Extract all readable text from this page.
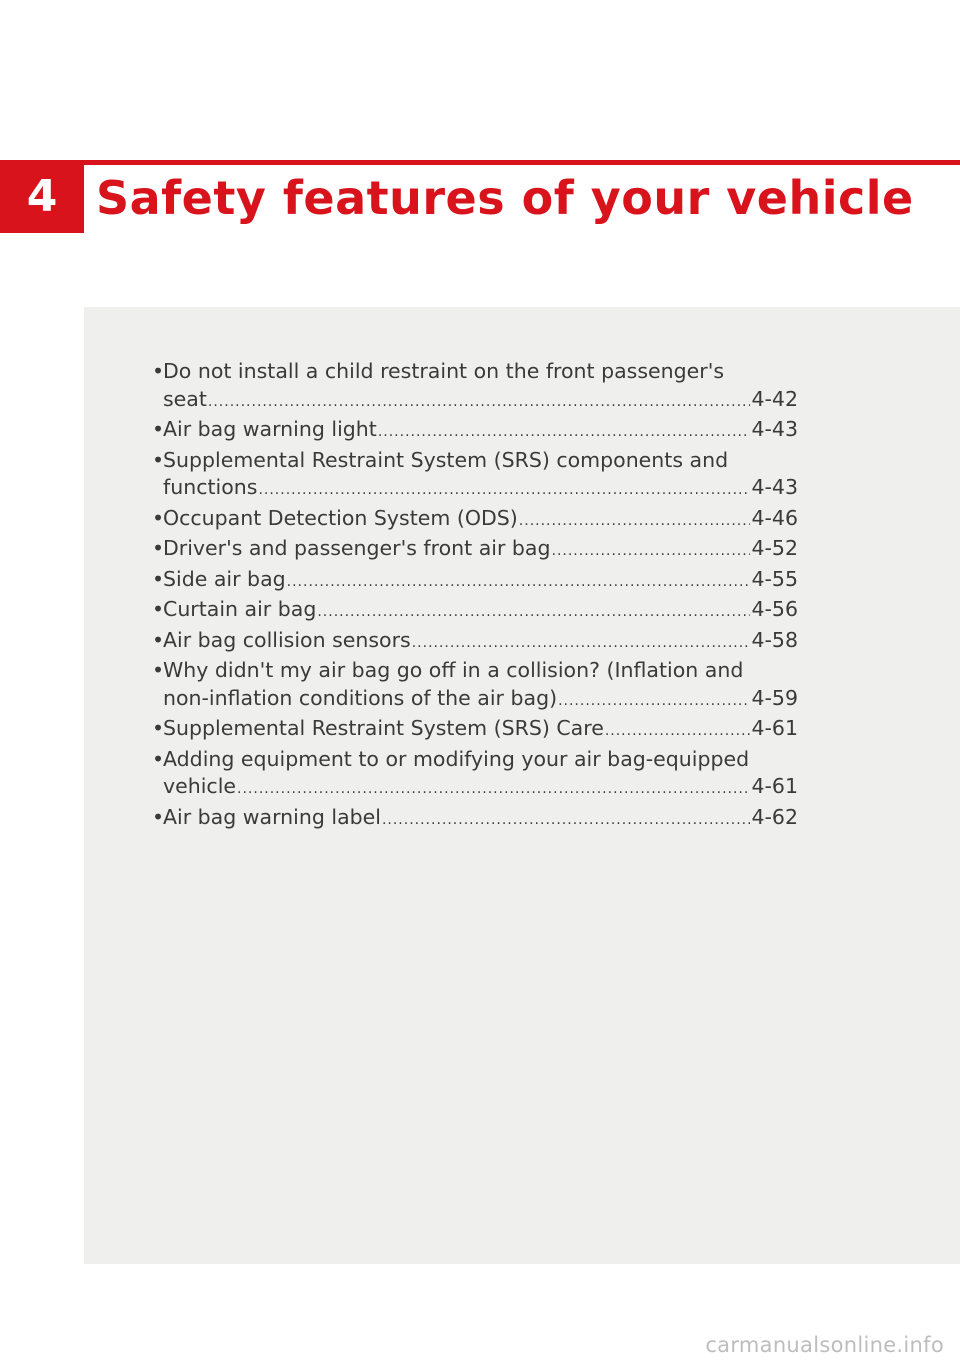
4 Safety features of your vehicle
•
Do not install a child restraint on the front passenger's
seat .....	4-42
•
Air bag warning light .....	4-43
•
Supplemental Restraint System (SRS) components and
functions .....	4-43
•
Occupant Detection System (ODS) .....	4-46
•
Driver's and passenger's front air bag .....	4-52
•
Side air bag .....	4-55
•
Curtain air bag .....	4-56
•
Air bag collision sensors .....	4-58
•
Why didn't my air bag go off in a collision? (Inflation and
non-inflation conditions of the air bag) .....	4-59
•
Supplemental Restraint System (SRS) Care .....	4-61
•
Adding equipment to or modifying your air bag-equipped
vehicle .....	4-61
•
Air bag warning label .....	4-62
carmanualsonline.info
